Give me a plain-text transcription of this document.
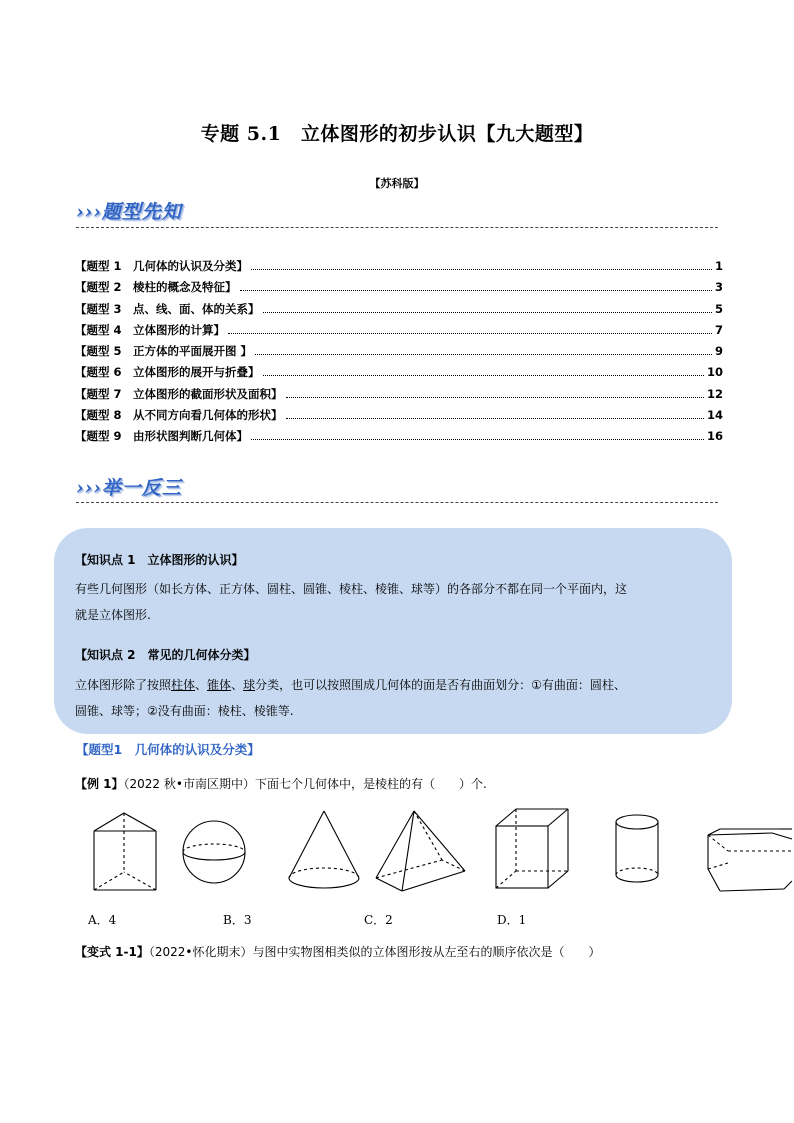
专题 5.1　立体图形的初步认识【九大题型】
【苏科版】
›››题型先知
【题型 1　几何体的认识及分类】	1
【题型 2　棱柱的概念及特征】	3
【题型 3　点、线、面、体的关系】	5
【题型 4　立体图形的计算】	7
【题型 5　正方体的平面展开图 】	9
【题型 6　立体图形的展开与折叠】	10
【题型 7　立体图形的截面形状及面积】	12
【题型 8　从不同方向看几何体的形状】	14
【题型 9　由形状图判断几何体】	16
›››举一反三
【知识点 1　立体图形的认识】
有些几何图形（如长方体、正方体、圆柱、圆锥、棱柱、棱锥、球等）的各部分不都在同一个平面内，这
就是立体图形.
【知识点 2　常见的几何体分类】
立体图形除了按照柱体、锥体、球分类，也可以按照围成几何体的面是否有曲面划分：①有曲面：圆柱、
圆锥、球等；②没有曲面：棱柱、棱锥等.
【题型1　几何体的认识及分类】
【例 1】（2022 秋•市南区期中）下面七个几何体中，是棱柱的有（　　）个.
A．4	B．3	C．2	D．1
【变式 1-1】（2022•怀化期末）与图中实物图相类似的立体图形按从左至右的顺序依次是（　　）
